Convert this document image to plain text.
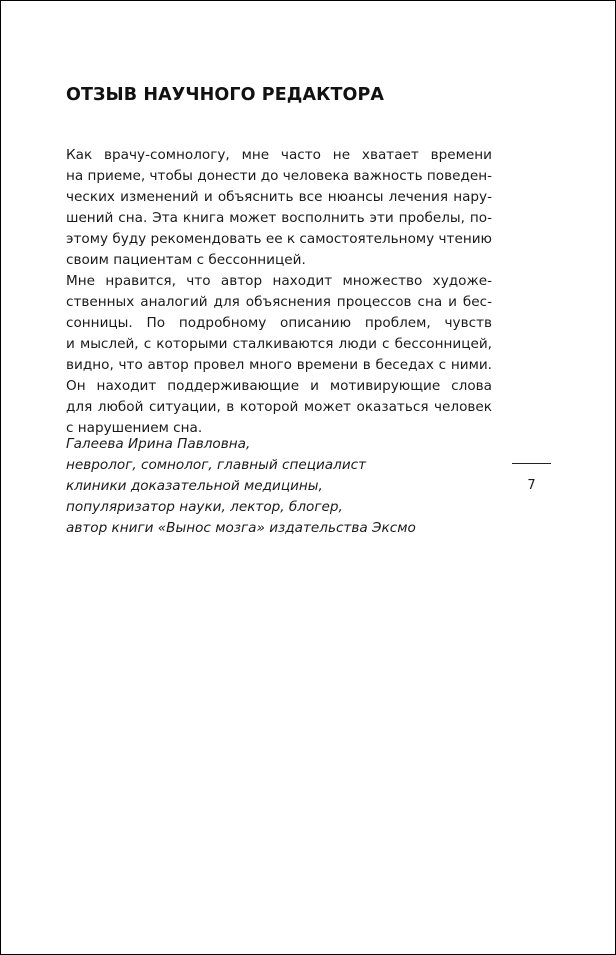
ОТЗЫВ НАУЧНОГО РЕДАКТОРА
Как врачу-сомнологу, мне часто не хватает времени
на приеме, чтобы донести до человека важность поведен-
ческих изменений и объяснить все нюансы лечения нару-
шений сна. Эта книга может восполнить эти пробелы, по-
этому буду рекомендовать ее к самостоятельному чтению
своим пациентам с бессонницей.
Мне нравится, что автор находит множество художе-
ственных аналогий для объяснения процессов сна и бес-
сонницы. По подробному описанию проблем, чувств
и мыслей, с которыми сталкиваются люди с бессонницей,
видно, что автор провел много времени в беседах с ними.
Он находит поддерживающие и мотивирующие слова
для любой ситуации, в которой может оказаться человек
с нарушением сна.
Галеева Ирина Павловна,
невролог, сомнолог, главный специалист
клиники доказательной медицины,
популяризатор науки, лектор, блогер,
автор книги «Вынос мозга» издательства Эксмо
7
